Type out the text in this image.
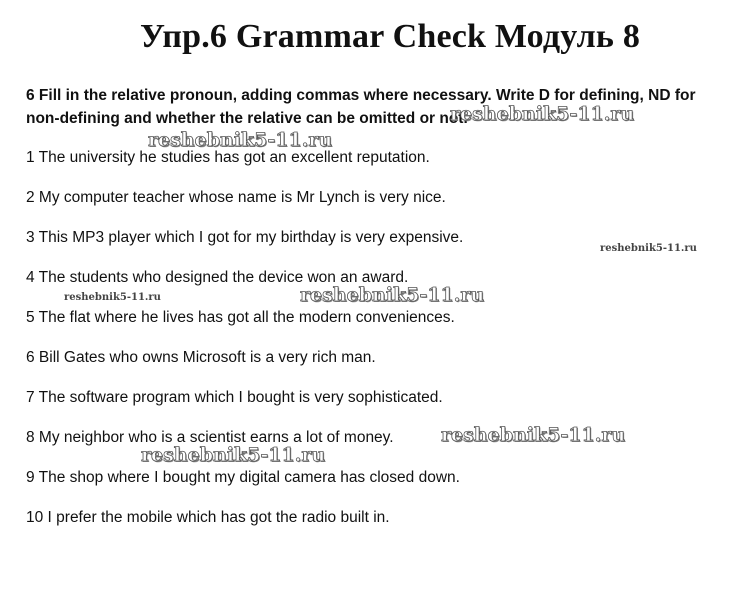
Упр.6 Grammar Check Модуль 8
6 Fill in the relative pronoun, adding commas where necessary. Write D for defining, ND for non-defining and whether the relative can be omitted or not.
1 The university he studies has got an excellent reputation.
2 My computer teacher whose name is Mr Lynch is very nice.
3 This MP3 player which I got for my birthday is very expensive.
4 The students who designed the device won an award.
5 The flat where he lives has got all the modern conveniences.
6 Bill Gates who owns Microsoft is a very rich man.
7 The software program which I bought is very sophisticated.
8 My neighbor who is a scientist earns a lot of money.
9 The shop where I bought my digital camera has closed down.
10 I prefer the mobile which has got the radio built in.
reshebnik5-11.ru
reshebnik5-11.ru
reshebnik5-11.ru
reshebnik5-11.ru	reshebnik5-11.ru
reshebnik5-11.ru
reshebnik5-11.ru
